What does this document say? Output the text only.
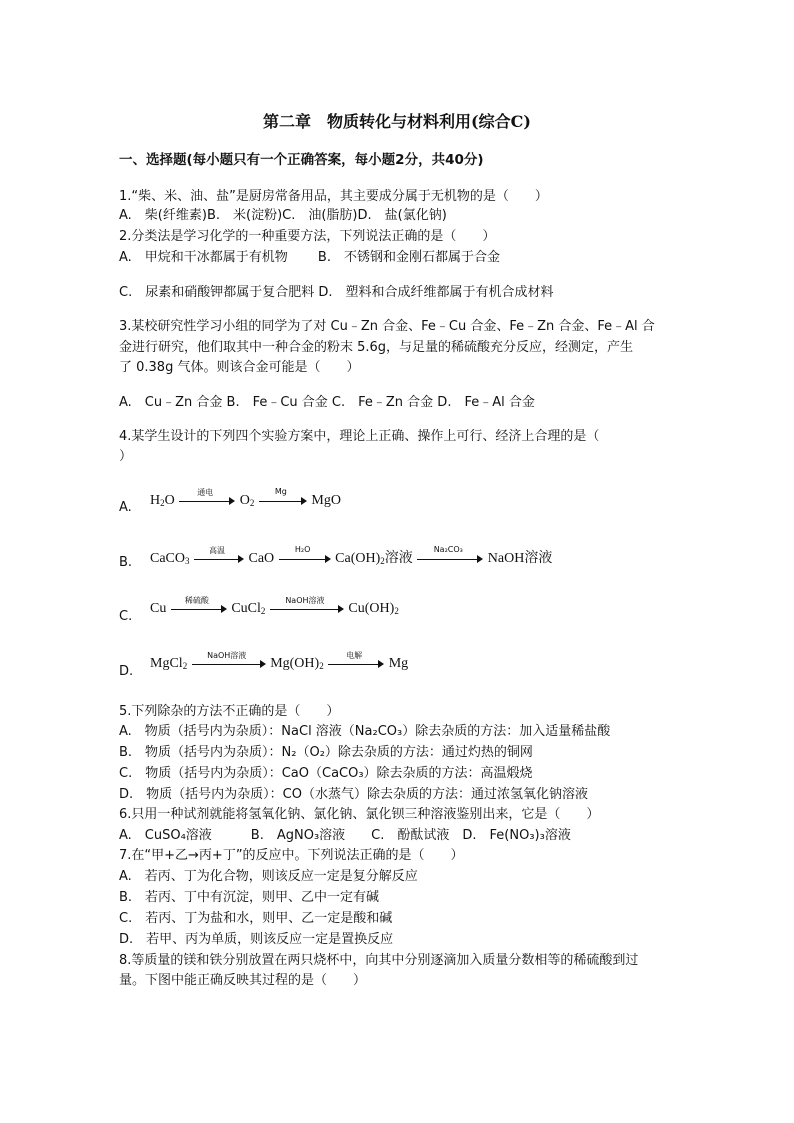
第二章　物质转化与材料利用(综合C)
一、选择题(每小题只有一个正确答案，每小题2分，共40分)
1.“柴、米、油、盐”是厨房常备用品，其主要成分属于无机物的是（　　）
A.　柴(纤维素)B.　米(淀粉)C.　油(脂肪)D.　盐(氯化钠)
2.分类法是学习化学的一种重要方法，下列说法正确的是（　　）
A.　甲烷和干冰都属于有机物　　 B.　不锈钢和金刚石都属于合金
C.　尿素和硝酸钾都属于复合肥料 D.　塑料和合成纤维都属于有机合成材料
3.某校研究性学习小组的同学为了对 Cu﹣Zn 合金、Fe﹣Cu 合金、Fe﹣Zn 合金、Fe﹣Al 合
金进行研究，他们取其中一种合金的粉末 5.6g，与足量的稀硫酸充分反应，经测定，产生
了 0.38g 气体。则该合金可能是（　　）
A.　Cu﹣Zn 合金 B.　Fe﹣Cu 合金 C.　Fe﹣Zn 合金 D.　Fe﹣Al 合金
4.某学生设计的下列四个实验方案中，理论上正确、操作上可行、经济上合理的是（
）
A. $H_2O$
通电
$O_2$
Mg
MgO
B. CaCO$_3$
高温
CaO
H₂O
$Ca(OH)_2$溶液
Na₂CO₃
NaOH溶液
C.
Cu
稀硫酸
CuCl$_2$
NaOH溶液
$Cu(OH)_2$
D.
MgCl$_2$
NaOH溶液
$Mg(OH)_2$
电解
Mg
5.下列除杂的方法不正确的是（　　）
A.　物质（括号内为杂质）：NaCl 溶液（Na₂CO₃）除去杂质的方法：加入适量稀盐酸
B.　物质（括号内为杂质）：N₂（O₂）除去杂质的方法：通过灼热的铜网
C.　物质（括号内为杂质）：CaO（CaCO₃）除去杂质的方法：高温煅烧
D.　物质（括号内为杂质）：CO（水蒸气）除去杂质的方法：通过浓氢氧化钠溶液
6.只用一种试剂就能将氢氧化钠、氯化钠、氯化钡三种溶液鉴别出来，它是（　　）
A.　CuSO₄溶液　　　B.　AgNO₃溶液　　C.　酚酞试液　D.　Fe(NO₃)₃溶液
7.在“甲+乙→丙+丁”的反应中。下列说法正确的是（　　）
A.　若丙、丁为化合物，则该反应一定是复分解反应
B.　若丙、丁中有沉淀，则甲、乙中一定有碱
C.　若丙、丁为盐和水，则甲、乙一定是酸和碱
D.　若甲、丙为单质，则该反应一定是置换反应
8.等质量的镁和铁分别放置在两只烧杯中，向其中分别逐滴加入质量分数相等的稀硫酸到过
量。下图中能正确反映其过程的是（　　）
